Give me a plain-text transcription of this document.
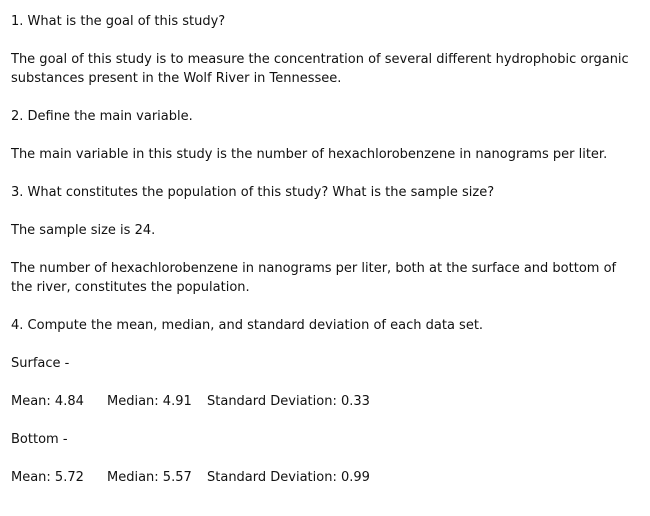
1. What is the goal of this study?

The goal of this study is to measure the concentration of several different hydrophobic organic

substances present in the Wolf River in Tennessee.

2. Define the main variable.

The main variable in this study is the number of hexachlorobenzene in nanograms per liter.

3. What constitutes the population of this study? What is the sample size?

The sample size is 24.

The number of hexachlorobenzene in nanograms per liter, both at the surface and bottom of

the river, constitutes the population.

4. Compute the mean, median, and standard deviation of each data set.

Surface -

Mean: 4.84 Median: 4.91 Standard Deviation: 0.33

Bottom -

Mean: 5.72 Median: 5.57 Standard Deviation: 0.99
